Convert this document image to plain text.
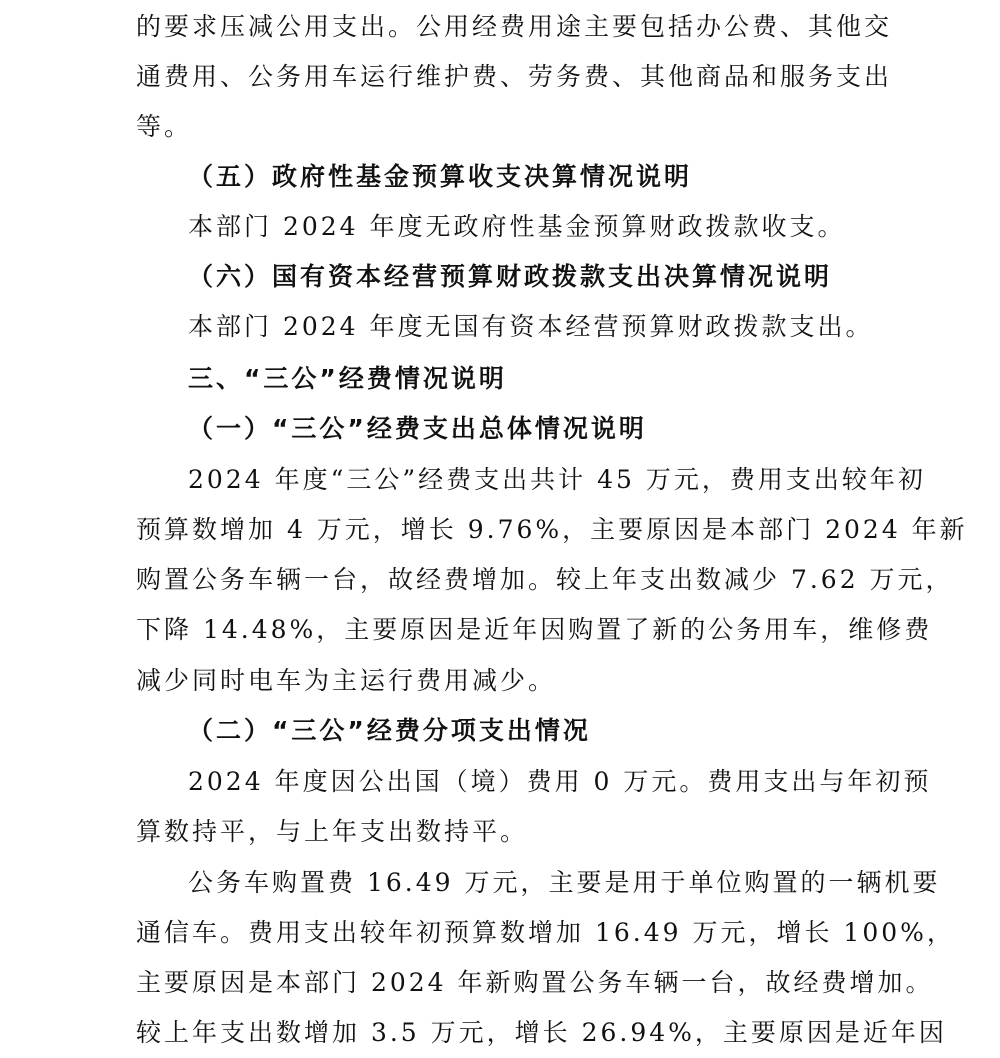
的要求压减公用支出。公用经费用途主要包括办公费、其他交
通费用、公务用车运行维护费、劳务费、其他商品和服务支出
等。
（五）政府性基金预算收支决算情况说明
本部门 2024 年度无政府性基金预算财政拨款收支。
（六）国有资本经营预算财政拨款支出决算情况说明
本部门 2024 年度无国有资本经营预算财政拨款支出。
三、“三公”经费情况说明
（一）“三公”经费支出总体情况说明
2024 年度“三公”经费支出共计 45 万元，费用支出较年初
预算数增加 4 万元，增长 9.76%，主要原因是本部门 2024 年新
购置公务车辆一台，故经费增加。较上年支出数减少 7.62 万元，
下降 14.48%，主要原因是近年因购置了新的公务用车，维修费
减少同时电车为主运行费用减少。
（二）“三公”经费分项支出情况
2024 年度因公出国（境）费用 0 万元。费用支出与年初预
算数持平，与上年支出数持平。
公务车购置费 16.49 万元，主要是用于单位购置的一辆机要
通信车。费用支出较年初预算数增加 16.49 万元，增长 100%，
主要原因是本部门 2024 年新购置公务车辆一台，故经费增加。
较上年支出数增加 3.5 万元，增长 26.94%，主要原因是近年因
